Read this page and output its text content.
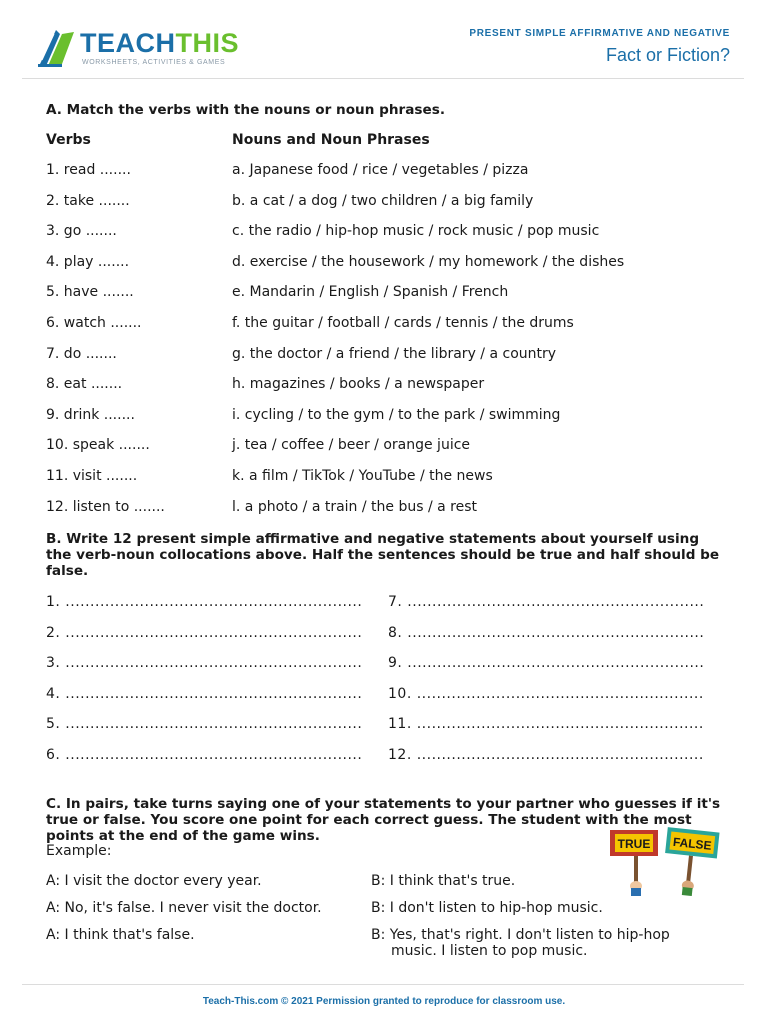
TEACHTHIS
WORKSHEETS, ACTIVITIES & GAMES
PRESENT SIMPLE AFFIRMATIVE AND NEGATIVE
Fact or Fiction?
A. Match the verbs with the nouns or noun phrases.
Verbs	Nouns and Noun Phrases
1. read .......	a. Japanese food / rice / vegetables / pizza
2. take .......	b. a cat / a dog / two children / a big family
3. go .......	c. the radio / hip-hop music / rock music / pop music
4. play .......	d. exercise / the housework / my homework / the dishes
5. have .......	e. Mandarin / English / Spanish / French
6. watch .......	f. the guitar / football / cards / tennis / the drums
7. do .......	g. the doctor / a friend / the library / a country
8. eat .......	h. magazines / books / a newspaper
9. drink .......	i. cycling / to the gym / to the park / swimming
10. speak .......	j. tea / coffee / beer / orange juice
11. visit .......	k. a film / TikTok / YouTube / the news
12. listen to .......	l. a photo / a train / the bus / a rest
B. Write 12 present simple affirmative and negative statements about yourself using the verb-noun collocations above. Half the sentences should be true and half should be false.
1. ............................................................
2. ............................................................
3. ............................................................
4. ............................................................
5. ............................................................
6. ............................................................
7. ............................................................
8. ............................................................
9. ............................................................
10. ..........................................................
11. ..........................................................
12. ..........................................................
C. In pairs, take turns saying one of your statements to your partner who guesses if it's true or false. You score one point for each correct guess. The student with the most points at the end of the game wins.
Example:
A: I visit the doctor every year.
A: No, it's false. I never visit the doctor.
A: I think that's false.
B: I think that's true.
B: I don't listen to hip-hop music.
B: Yes, that's right. I don't listen to hip-hop
music. I listen to pop music.
TRUE FALSE
Teach-This.com © 2021 Permission granted to reproduce for classroom use.
